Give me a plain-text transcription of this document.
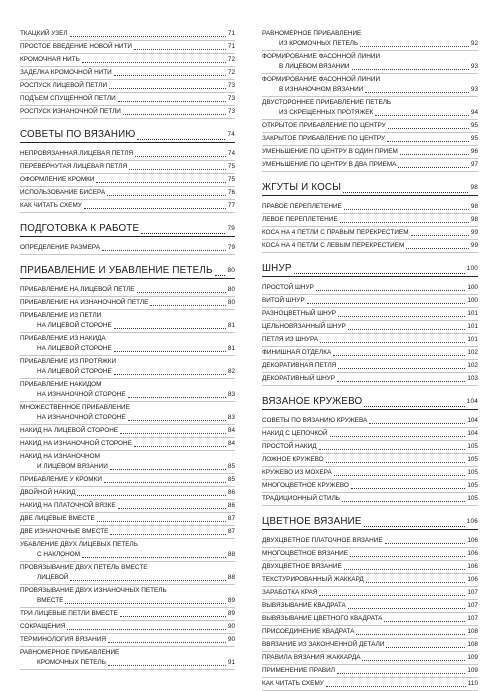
ТКАЦКИЙ УЗЕЛ	71
ПРОСТОЕ ВВЕДЕНИЕ НОВОЙ НИТИ	71
КРОМОЧНАЯ НИТЬ	72
ЗАДЕЛКА КРОМОЧНОЙ НИТИ	72
РОСПУСК ЛИЦЕВОЙ ПЕТЛИ	73
ПОДЪЕМ СПУЩЕННОЙ ПЕТЛИ	73
РОСПУСК ИЗНАНОЧНОЙ ПЕТЛИ	73
СОВЕТЫ ПО ВЯЗАНИЮ	74
НЕПРОВЯЗАННАЯ ЛИЦЕВАЯ ПЕТЛЯ	74
ПЕРЕВЕРНУТАЯ ЛИЦЕВАЯ ПЕТЛЯ	75
ОФОРМЛЕНИЕ КРОМКИ	75
ИСПОЛЬЗОВАНИЕ БИСЕРА	76
КАК ЧИТАТЬ СХЕМУ	77
ПОДГОТОВКА К РАБОТЕ	79
ОПРЕДЕЛЕНИЕ РАЗМЕРА	79
ПРИБАВЛЕНИЕ И УБАВЛЕНИЕ ПЕТЕЛЬ 80
ПРИБАВЛЕНИЕ НА ЛИЦЕВОЙ ПЕТЛЕ	80
ПРИБАВЛЕНИЕ НА ИЗНАНОЧНОЙ ПЕТЛЕ	80
ПРИБАВЛЕНИЕ ИЗ ПЕТЛИ
НА ЛИЦЕВОЙ СТОРОНЕ	81
ПРИБАВЛЕНИЕ ИЗ НАКИДА
НА ЛИЦЕВОЙ СТОРОНЕ	81
ПРИБАВЛЕНИЕ ИЗ ПРОТЯЖКИ
НА ЛИЦЕВОЙ СТОРОНЕ	82
ПРИБАВЛЕНИЕ НАКИДОМ
НА ИЗНАНОЧНОЙ СТОРОНЕ	83
МНОЖЕСТВЕННОЕ ПРИБАВЛЕНИЕ
НА ИЗНАНОЧНОЙ СТОРОНЕ	83
НАКИД НА ЛИЦЕВОЙ СТОРОНЕ	84
НАКИД НА ИЗНАНОЧНОЙ СТОРОНЕ	84
НАКИД НА ИЗНАНОЧНОМ
И ЛИЦЕВОМ ВЯЗАНИИ	85
ПРИБАВЛЕНИЕ У КРОМКИ	85
ДВОЙНОЙ НАКИД	86
НАКИД НА ПЛАТОЧНОЙ ВЯЗКЕ	86
ДВЕ ЛИЦЕВЫЕ ВМЕСТЕ	87
ДВЕ ИЗНАНОЧНЫЕ ВМЕСТЕ	87
УБАВЛЕНИЕ ДВУХ ЛИЦЕВЫХ ПЕТЕЛЬ
С НАКЛОНОМ	88
ПРОВЯЗЫВАНИЕ ДВУХ ПЕТЕЛЬ ВМЕСТЕ
ЛИЦЕВОЙ	88
ПРОВЯЗЫВАНИЕ ДВУХ ИЗНАНОЧНЫХ ПЕТЕЛЬ
ВМЕСТЕ	89
ТРИ ЛИЦЕВЫЕ ПЕТЛИ ВМЕСТЕ	89
СОКРАЩЕНИЯ	90
ТЕРМИНОЛОГИЯ ВЯЗАНИЯ	90
РАВНОМЕРНОЕ ПРИБАВЛЕНИЕ
КРОМОЧНЫХ ПЕТЕЛЬ	91
РАВНОМЕРНОЕ ПРИБАВЛЕНИЕ
ИЗ КРОМОЧНЫХ ПЕТЕЛЬ	92
ФОРМИРОВАНИЕ ФАСОННОЙ ЛИНИИ
В ЛИЦЕВОМ ВЯЗАНИИ	93
ФОРМИРОВАНИЕ ФАСОННОЙ ЛИНИИ
В ИЗНАНОЧНОМ ВЯЗАНИИ	93
ДВУСТОРОННЕЕ ПРИБАВЛЕНИЕ ПЕТЕЛЬ
ИЗ СКРЕЩЕННЫХ ПРОТЯЖЕК	94
ОТКРЫТОЕ ПРИБАВЛЕНИЕ ПО ЦЕНТРУ	95
ЗАКРЫТОЕ ПРИБАВЛЕНИЕ ПО ЦЕНТРУ	95
УМЕНЬШЕНИЕ ПО ЦЕНТРУ В ОДИН ПРИЕМ	96
УМЕНЬШЕНИЕ ПО ЦЕНТРУ В ДВА ПРИЕМА	97
ЖГУТЫ И КОСЫ	98
ПРАВОЕ ПЕРЕПЛЕТЕНИЕ	98
ЛЕВОЕ ПЕРЕПЛЕТЕНИЕ	98
КОСА НА 4 ПЕТЛИ С ПРАВЫМ ПЕРЕКРЕСТИЕМ	99
КОСА НА 4 ПЕТЛИ С ЛЕВЫМ ПЕРЕКРЕСТИЕМ	99
ШНУР	100
ПРОСТОЙ ШНУР	100
ВИТОЙ ШНУР	100
РАЗНОЦВЕТНЫЙ ШНУР	101
ЦЕЛЬНОВЯЗАННЫЙ ШНУР	101
ПЕТЛЯ ИЗ ШНУРА	101
ФИНИШНАЯ ОТДЕЛКА	102
ДЕКОРАТИВНАЯ ПЕТЛЯ	102
ДЕКОРАТИВНЫЙ ШНУР	103
ВЯЗАНОЕ КРУЖЕВО	104
СОВЕТЫ ПО ВЯЗАНИЮ КРУЖЕВА	104
НАКИД С ЦЕПОЧКОЙ	104
ПРОСТОЙ НАКИД	105
ЛОЖНОЕ КРУЖЕВО	105
КРУЖЕВО ИЗ МОХЕРА	105
МНОГОЦВЕТНОЕ КРУЖЕВО	105
ТРАДИЦИОННЫЙ СТИЛЬ	105
ЦВЕТНОЕ ВЯЗАНИЕ	106
ДВУХЦВЕТНОЕ ПЛАТОЧНОЕ ВЯЗАНИЕ	106
МНОГОЦВЕТНОЕ ВЯЗАНИЕ	106
ДВУХЦВЕТНОЕ ВЯЗАНИЕ	106
ТЕКСТУРИРОВАННЫЙ ЖАККАРД	106
ЗАРАБОТКА КРАЯ	107
ВЫВЯЗЫВАНИЕ КВАДРАТА	107
ВЫВЯЗЫВАНИЕ ЦВЕТНОГО КВАДРАТА	107
ПРИСОЕДИНЕНИЕ КВАДРАТА	108
ВВЯЗАНИЕ ИЗ ЗАКОНЧЕННОЙ ДЕТАЛИ	108
ПРАВИЛА ВЯЗАНИЯ ЖАККАРДА	109
ПРИМЕНЕНИЕ ПРАВИЛ	109
КАК ЧИТАТЬ СХЕМУ	110
